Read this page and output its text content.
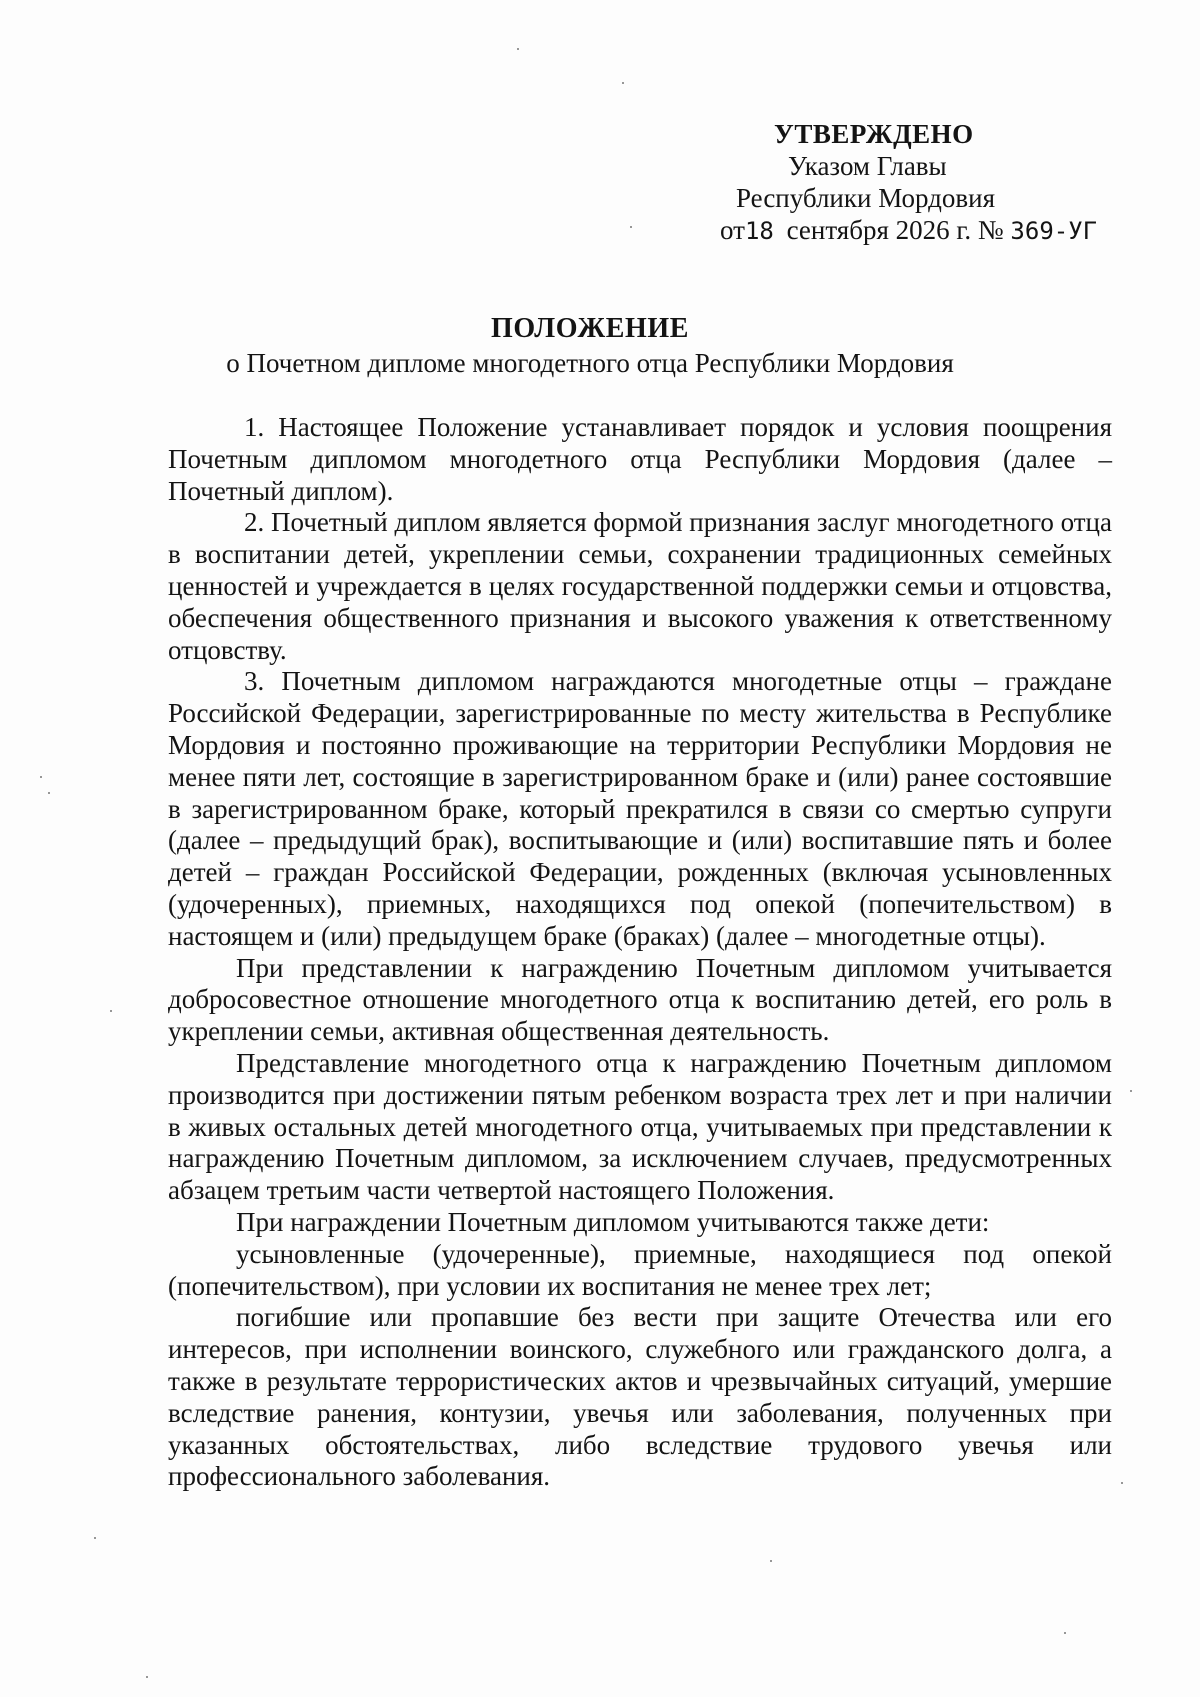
УТВЕРЖДЕНО
Указом Главы
Республики Мордовия
от18 сентября 2026 г. № 369-УГ
ПОЛОЖЕНИЕ
о Почетном дипломе многодетного отца Республики Мордовия

1. Настоящее Положение устанавливает порядок и условия поощрения Почетным дипломом многодетного отца Республики Мордовия (далее – Почетный диплом).

2. Почетный диплом является формой признания заслуг многодетного отца в воспитании детей, укреплении семьи, сохранении традиционных семейных ценностей и учреждается в целях государственной поддержки семьи и отцовства, обеспечения общественного признания и высокого уважения к ответственному отцовству.

3. Почетным дипломом награждаются многодетные отцы – граждане Российской Федерации, зарегистрированные по месту жительства в Республике Мордовия и постоянно проживающие на территории Республики Мордовия не менее пяти лет, состоящие в зарегистрированном браке и (или) ранее состоявшие в зарегистрированном браке, который прекратился в связи со смертью супруги (далее – предыдущий брак), воспитывающие и (или) воспитавшие пять и более детей – граждан Российской Федерации, рожденных (включая усыновленных (удочеренных), приемных, находящихся под опекой (попечительством) в настоящем и (или) предыдущем браке (браках) (далее – многодетные отцы).

При представлении к награждению Почетным дипломом учитывается добросовестное отношение многодетного отца к воспитанию детей, его роль в укреплении семьи, активная общественная деятельность.

Представление многодетного отца к награждению Почетным дипломом производится при достижении пятым ребенком возраста трех лет и при наличии в живых остальных детей многодетного отца, учитываемых при представлении к награждению Почетным дипломом, за исключением случаев, предусмотренных абзацем третьим части четвертой настоящего Положения.

При награждении Почетным дипломом учитываются также дети:

усыновленные (удочеренные), приемные, находящиеся под опекой (попечительством), при условии их воспитания не менее трех лет;

погибшие или пропавшие без вести при защите Отечества или его интересов, при исполнении воинского, служебного или гражданского долга, а также в результате террористических актов и чрезвычайных ситуаций, умершие вследствие ранения, контузии, увечья или заболевания, полученных при указанных обстоятельствах, либо вследствие трудового увечья или профессионального заболевания.
